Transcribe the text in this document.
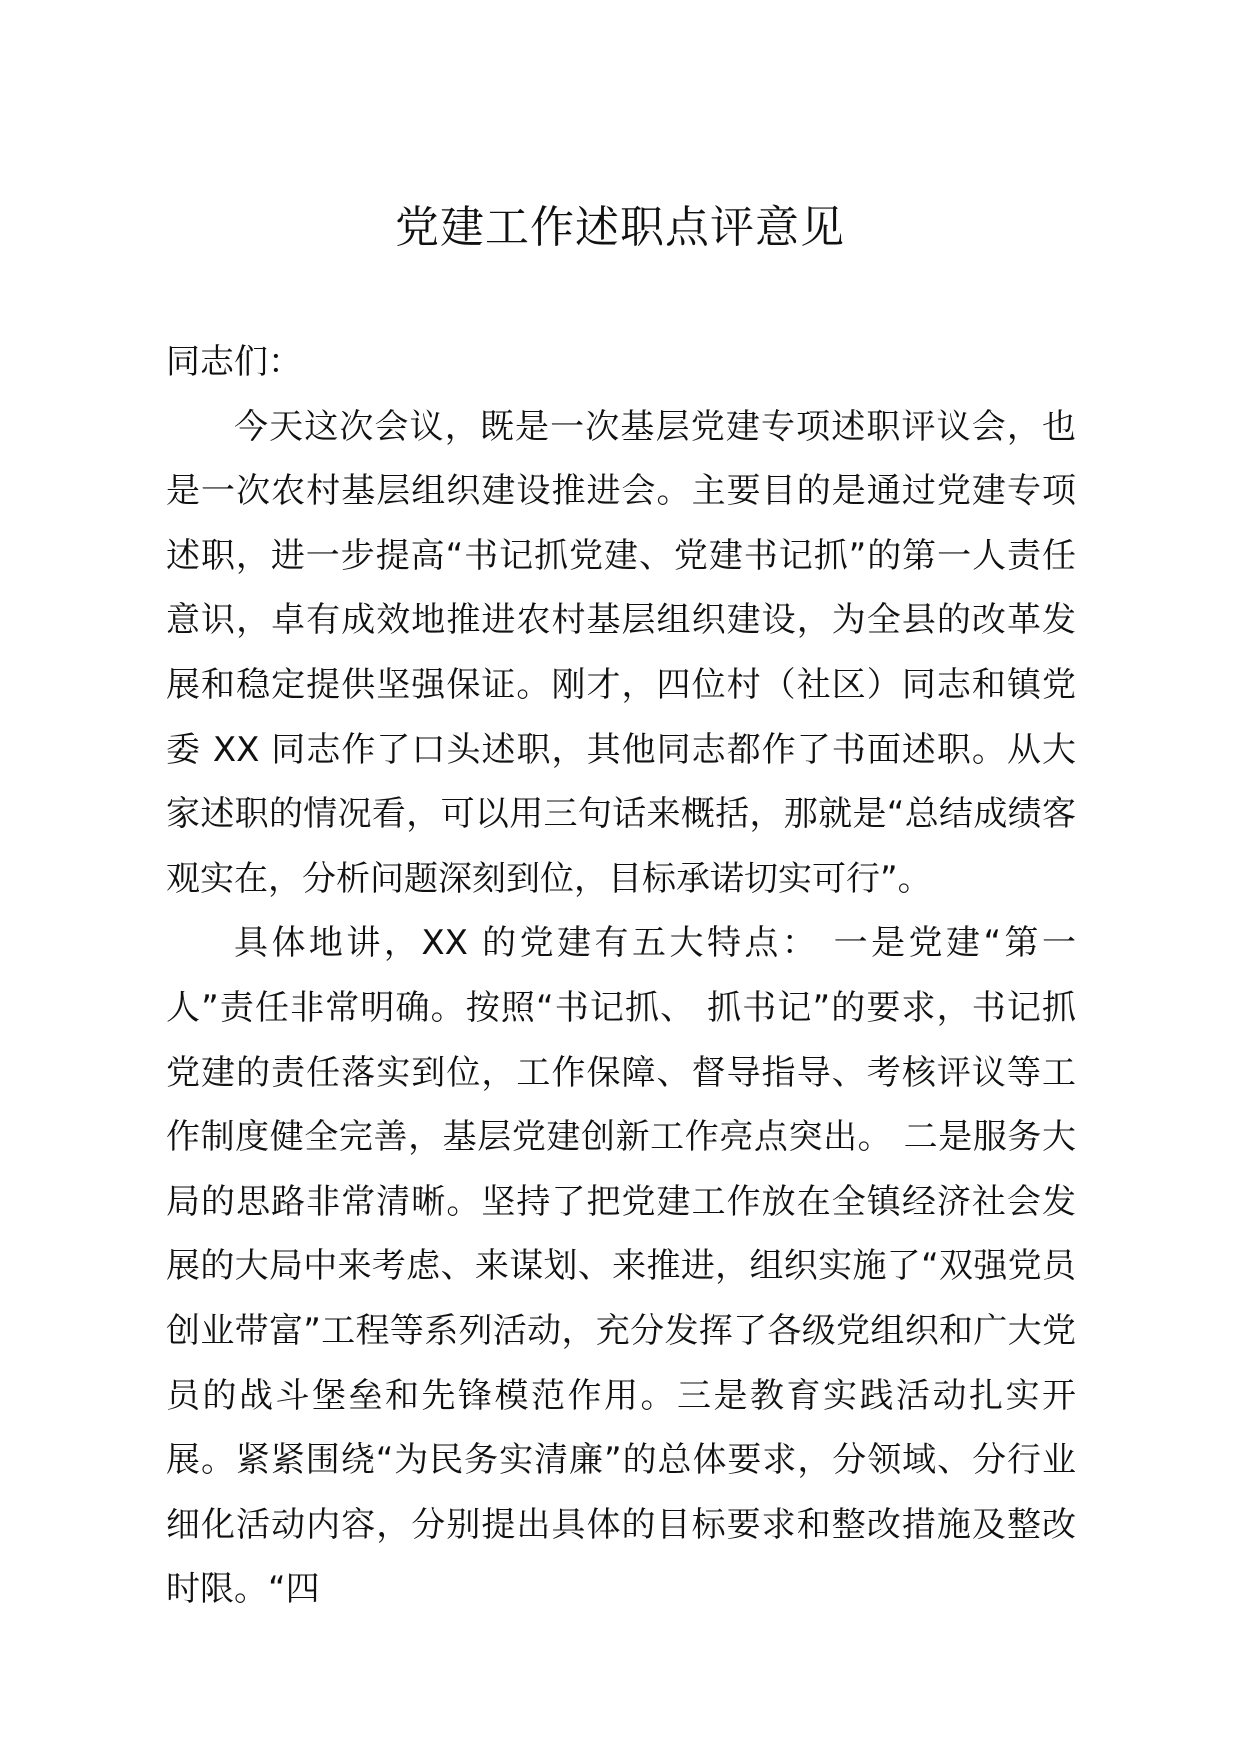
党建工作述职点评意见

同志们：

今天这次会议，既是一次基层党建专项述职评议会，也是一次农村基层组织建设推进会。主要目的是通过党建专项述职，进一步提高“书记抓党建、党建书记抓”的第一人责任意识，卓有成效地推进农村基层组织建设，为全县的改革发展和稳定提供坚强保证。刚才，四位村（社区）同志和镇党委 XX 同志作了口头述职，其他同志都作了书面述职。从大家述职的情况看，可以用三句话来概括，那就是“总结成绩客观实在，分析问题深刻到位，目标承诺切实可行”。

具体地讲，XX 的党建有五大特点： 一是党建“第一人”责任非常明确。按照“书记抓、 抓书记”的要求，书记抓党建的责任落实到位，工作保障、督导指导、考核评议等工作制度健全完善，基层党建创新工作亮点突出。 二是服务大局的思路非常清晰。坚持了把党建工作放在全镇经济社会发展的大局中来考虑、来谋划、来推进，组织实施了“双强党员创业带富”工程等系列活动，充分发挥了各级党组织和广大党员的战斗堡垒和先锋模范作用。三是教育实践活动扎实开展。紧紧围绕“为民务实清廉”的总体要求，分领域、分行业细化活动内容，分别提出具体的目标要求和整改措施及整改时限。“四
